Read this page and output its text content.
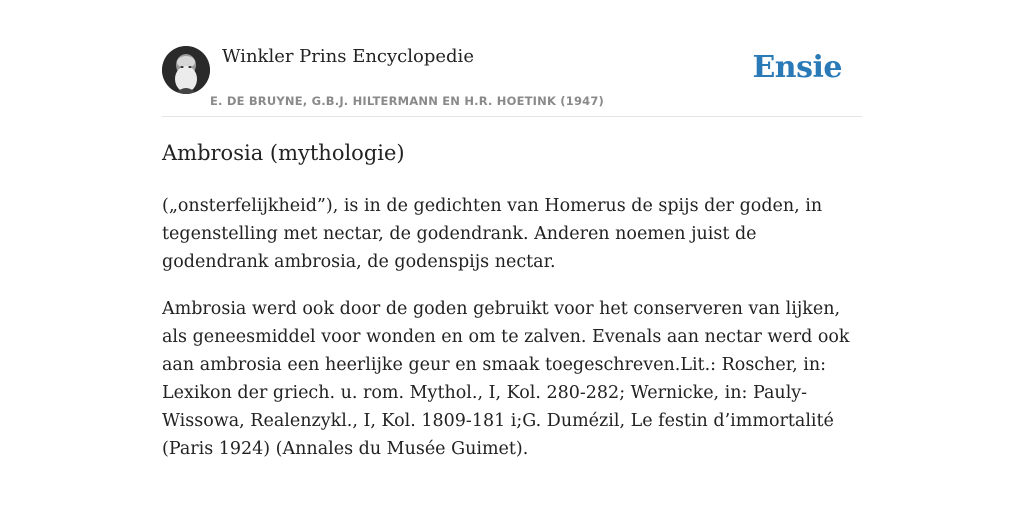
Winkler Prins Encyclopedie
E. DE BRUYNE, G.B.J. HILTERMANN EN H.R. HOETINK (1947)
Ensie
Ambrosia (mythologie)

(„onsterfelijkheid”), is in de gedichten van Homerus de spijs der goden, in tegenstelling met nectar, de godendrank. Anderen noemen juist de godendrank ambrosia, de godenspijs nectar.

Ambrosia werd ook door de goden gebruikt voor het conserveren van lijken, als geneesmiddel voor wonden en om te zalven. Evenals aan nectar werd ook aan ambrosia een heerlijke geur en smaak toegeschreven.Lit.: Roscher, in: Lexikon der griech. u. rom. Mythol., I, Kol. 280-282; Wernicke, in: Pauly-Wissowa, Realenzykl., I, Kol. 1809-181 i;G. Dumézil, Le festin d’immortalité (Paris 1924) (Annales du Musée Guimet).
